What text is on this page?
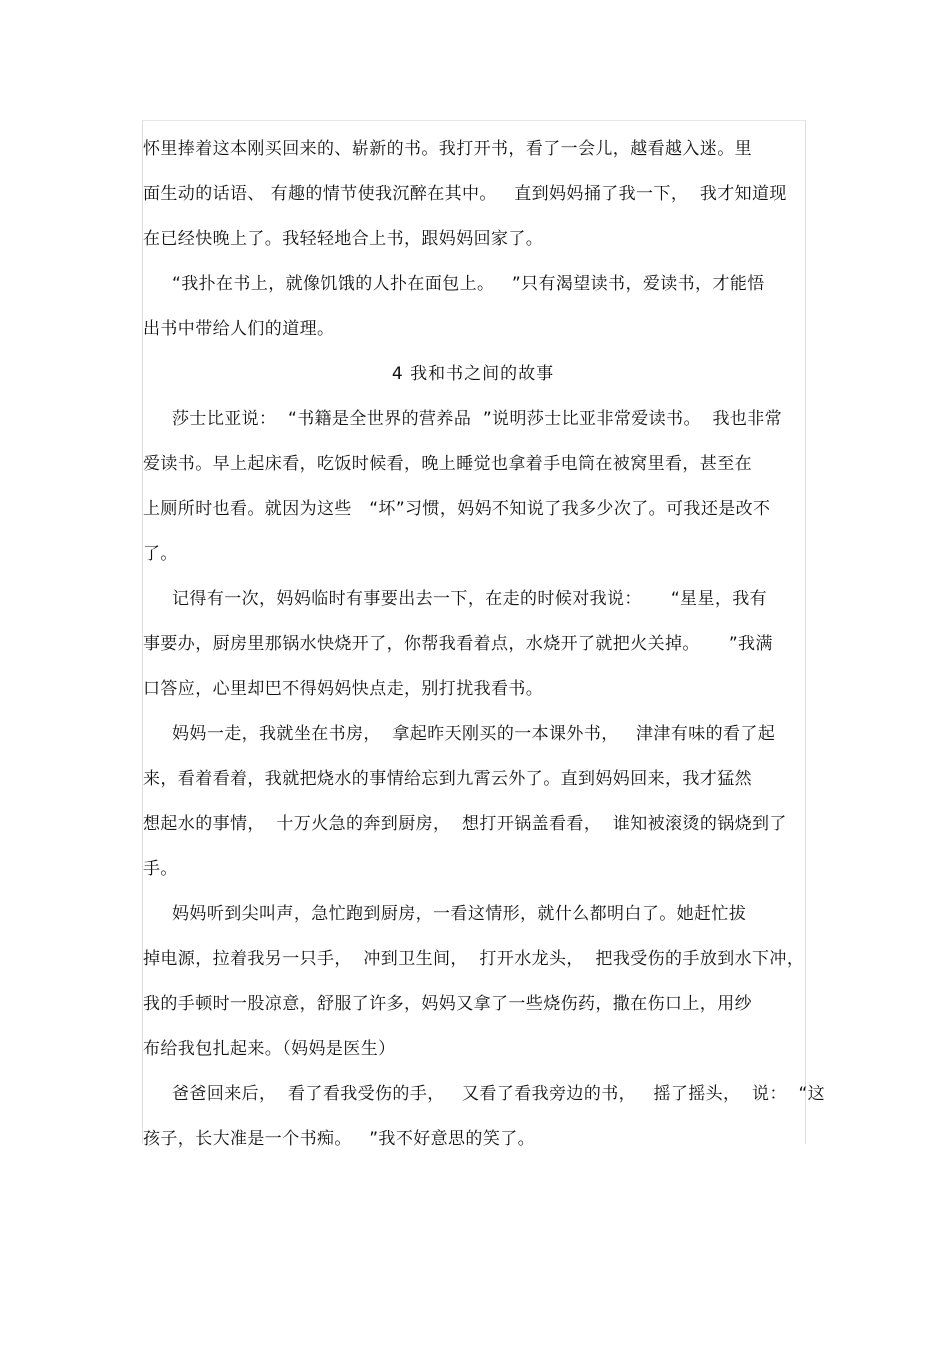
怀里捧着这本刚买回来的、崭新的书。我打开书，看了一会儿，越看越入迷。里

面生动的话语、 有趣的情节使我沉醉在其中。   直到妈妈捅了我一下，  我才知道现

在已经快晚上了。我轻轻地合上书，跟妈妈回家了。

“我扑在书上，就像饥饿的人扑在面包上。   ”只有渴望读书，爱读书，才能悟

出书中带给人们的道理。

4 我和书之间的故事

莎士比亚说：  “书籍是全世界的营养品  ”说明莎士比亚非常爱读书。  我也非常

爱读书。早上起床看，吃饭时候看，晚上睡觉也拿着手电筒在被窝里看，甚至在

上厕所时也看。就因为这些   “坏”习惯，妈妈不知说了我多少次了。可我还是改不

了。

记得有一次，妈妈临时有事要出去一下，在走的时候对我说：     “星星，我有

事要办，厨房里那锅水快烧开了，你帮我看着点，水烧开了就把火关掉。     ”我满

口答应，心里却巴不得妈妈快点走，别打扰我看书。

妈妈一走，我就坐在书房，  拿起昨天刚买的一本课外书，   津津有味的看了起

来，看着看着，我就把烧水的事情给忘到九霄云外了。直到妈妈回来，我才猛然

想起水的事情，  十万火急的奔到厨房，  想打开锅盖看看，  谁知被滚烫的锅烧到了

手。

妈妈听到尖叫声，急忙跑到厨房，一看这情形，就什么都明白了。她赶忙拔

掉电源，拉着我另一只手，  冲到卫生间，  打开水龙头，  把我受伤的手放到水下冲，

我的手顿时一股凉意，舒服了许多，妈妈又拿了一些烧伤药，撒在伤口上，用纱

布给我包扎起来。（妈妈是医生）

爸爸回来后，  看了看我受伤的手，   又看了看我旁边的书，   摇了摇头，  说：  “这

孩子，长大准是一个书痴。   ”我不好意思的笑了。
